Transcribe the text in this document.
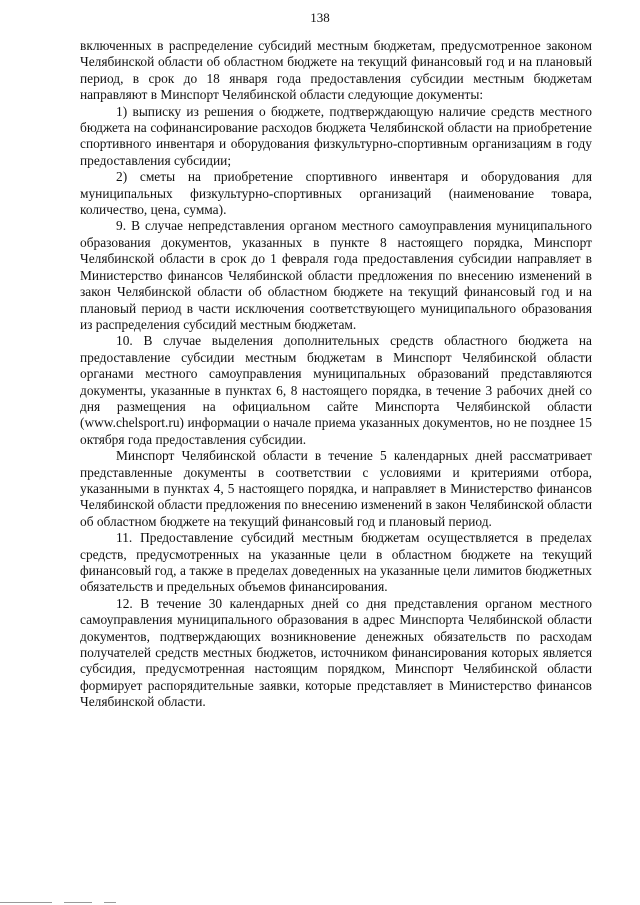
138

включенных в распределение субсидий местным бюджетам, предусмотренное законом Челябинской области об областном бюджете на текущий финансовый год и на плановый период, в срок до 18 января года предоставления субсидии местным бюджетам направляют в Минспорт Челябинской области следующие документы:

1) выписку из решения о бюджете, подтверждающую наличие средств местного бюджета на софинансирование расходов бюджета Челябинской области на приобретение спортивного инвентаря и оборудования физкультурно-спортивным организациям в году предоставления субсидии;

2) сметы на приобретение спортивного инвентаря и оборудования для муниципальных физкультурно-спортивных организаций (наименование товара, количество, цена, сумма).

9. В случае непредставления органом местного самоуправления муниципального образования документов, указанных в пункте 8 настоящего порядка, Минспорт Челябинской области в срок до 1 февраля года предоставления субсидии направляет в Министерство финансов Челябинской области предложения по внесению изменений в закон Челябинской области об областном бюджете на текущий финансовый год и на плановый период в части исключения соответствующего муниципального образования из распределения субсидий местным бюджетам.

10. В случае выделения дополнительных средств областного бюджета на предоставление субсидии местным бюджетам в Минспорт Челябинской области органами местного самоуправления муниципальных образований представляются документы, указанные в пунктах 6, 8 настоящего порядка, в течение 3 рабочих дней со дня размещения на официальном сайте Минспорта Челябинской области (www.chelsport.ru) информации о начале приема указанных документов, но не позднее 15 октября года предоставления субсидии.

Минспорт Челябинской области в течение 5 календарных дней рассматривает представленные документы в соответствии с условиями и критериями отбора, указанными в пунктах 4, 5 настоящего порядка, и направляет в Министерство финансов Челябинской области предложения по внесению изменений в закон Челябинской области об областном бюджете на текущий финансовый год и плановый период.

11. Предоставление субсидий местным бюджетам осуществляется в пределах средств, предусмотренных на указанные цели в областном бюджете на текущий финансовый год, а также в пределах доведенных на указанные цели лимитов бюджетных обязательств и предельных объемов финансирования.

12. В течение 30 календарных дней со дня представления органом местного самоуправления муниципального образования в адрес Минспорта Челябинской области документов, подтверждающих возникновение денежных обязательств по расходам получателей средств местных бюджетов, источником финансирования которых является субсидия, предусмотренная настоящим порядком, Минспорт Челябинской области формирует распорядительные заявки, которые представляет в Министерство финансов Челябинской области.
